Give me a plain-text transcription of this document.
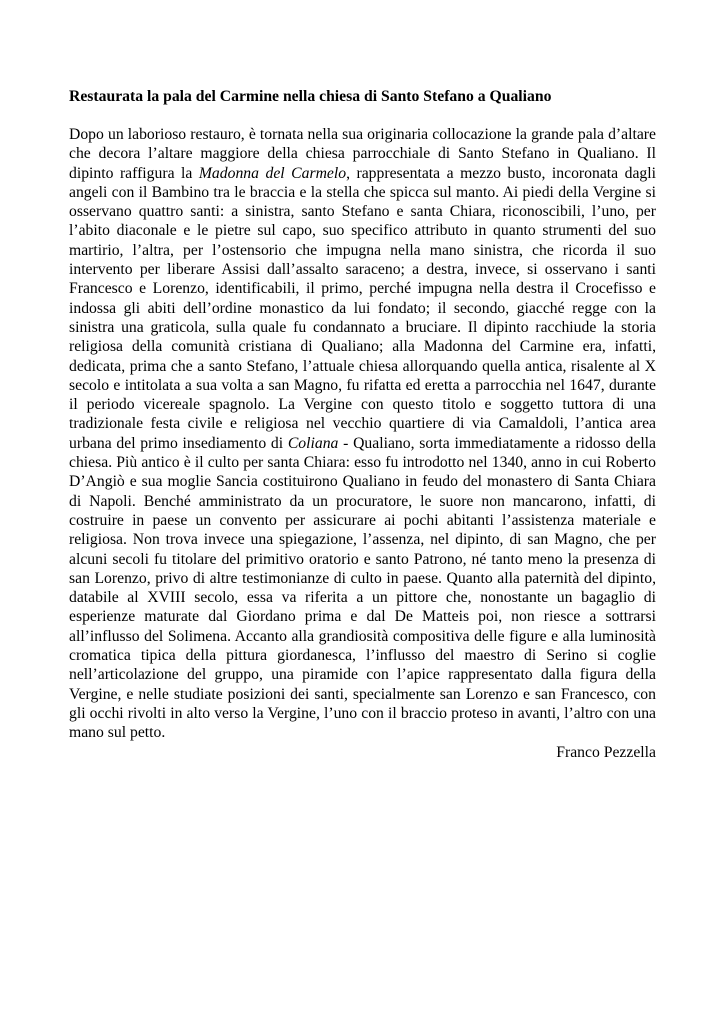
Restaurata la pala del Carmine nella chiesa di Santo Stefano a Qualiano

Dopo un laborioso restauro, è tornata nella sua originaria collocazione la grande pala d’altare che decora l’altare maggiore della chiesa parrocchiale di Santo Stefano in Qualiano. Il dipinto raffigura la Madonna del Carmelo, rappresentata a mezzo busto, incoronata dagli angeli con il Bambino tra le braccia e la stella che spicca sul manto. Ai piedi della Vergine si osservano quattro santi: a sinistra, santo Stefano e santa Chiara, riconoscibili, l’uno, per l’abito diaconale e le pietre sul capo, suo specifico attributo in quanto strumenti del suo martirio, l’altra, per l’ostensorio che impugna nella mano sinistra, che ricorda il suo intervento per liberare Assisi dall’assalto saraceno; a destra, invece, si osservano i santi Francesco e Lorenzo, identificabili, il primo, perché impugna nella destra il Crocefisso e indossa gli abiti dell’ordine monastico da lui fondato; il secondo, giacché regge con la sinistra una graticola, sulla quale fu condannato a bruciare. Il dipinto racchiude la storia religiosa della comunità cristiana di Qualiano; alla Madonna del Carmine era, infatti, dedicata, prima che a santo Stefano, l’attuale chiesa allorquando quella antica, risalente al X secolo e intitolata a sua volta a san Magno, fu rifatta ed eretta a parrocchia nel 1647, durante il periodo vicereale spagnolo. La Vergine con questo titolo e soggetto tuttora di una tradizionale festa civile e religiosa nel vecchio quartiere di via Camaldoli, l’antica area urbana del primo insediamento di Coliana - Qualiano, sorta immediatamente a ridosso della chiesa. Più antico è il culto per santa Chiara: esso fu introdotto nel 1340, anno in cui Roberto D’Angiò e sua moglie Sancia costituirono Qualiano in feudo del monastero di Santa Chiara di Napoli. Benché amministrato da un procuratore, le suore non mancarono, infatti, di costruire in paese un convento per assicurare ai pochi abitanti l’assistenza materiale e religiosa. Non trova invece una spiegazione, l’assenza, nel dipinto, di san Magno, che per alcuni secoli fu titolare del primitivo oratorio e santo Patrono, né tanto meno la presenza di san Lorenzo, privo di altre testimonianze di culto in paese. Quanto alla paternità del dipinto, databile al XVIII secolo, essa va riferita a un pittore che, nonostante un bagaglio di esperienze maturate dal Giordano prima e dal De Matteis poi, non riesce a sottrarsi all’influsso del Solimena. Accanto alla grandiosità compositiva delle figure e alla luminosità cromatica tipica della pittura giordanesca, l’influsso del maestro di Serino si coglie nell’articolazione del gruppo, una piramide con l’apice rappresentato dalla figura della Vergine, e nelle studiate posizioni dei santi, specialmente san Lorenzo e san Francesco, con gli occhi rivolti in alto verso la Vergine, l’uno con il braccio proteso in avanti, l’altro con una mano sul petto.

Franco Pezzella
